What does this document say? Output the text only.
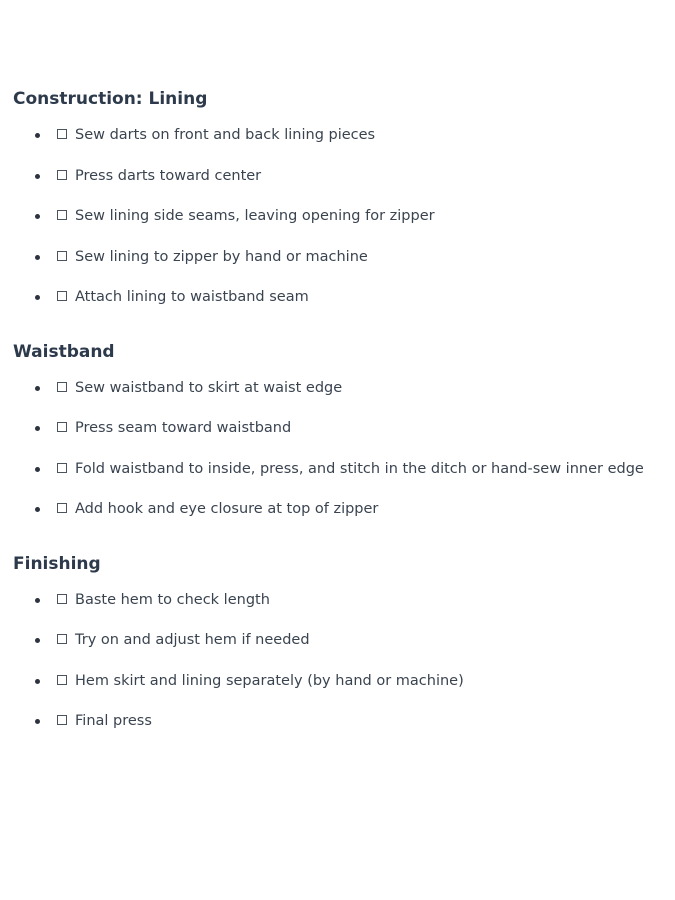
Construction: Lining
Sew darts on front and back lining pieces
Press darts toward center
Sew lining side seams, leaving opening for zipper
Sew lining to zipper by hand or machine
Attach lining to waistband seam
Waistband
Sew waistband to skirt at waist edge
Press seam toward waistband
Fold waistband to inside, press, and stitch in the ditch or hand-sew inner edge
Add hook and eye closure at top of zipper
Finishing
Baste hem to check length
Try on and adjust hem if needed
Hem skirt and lining separately (by hand or machine)
Final press
